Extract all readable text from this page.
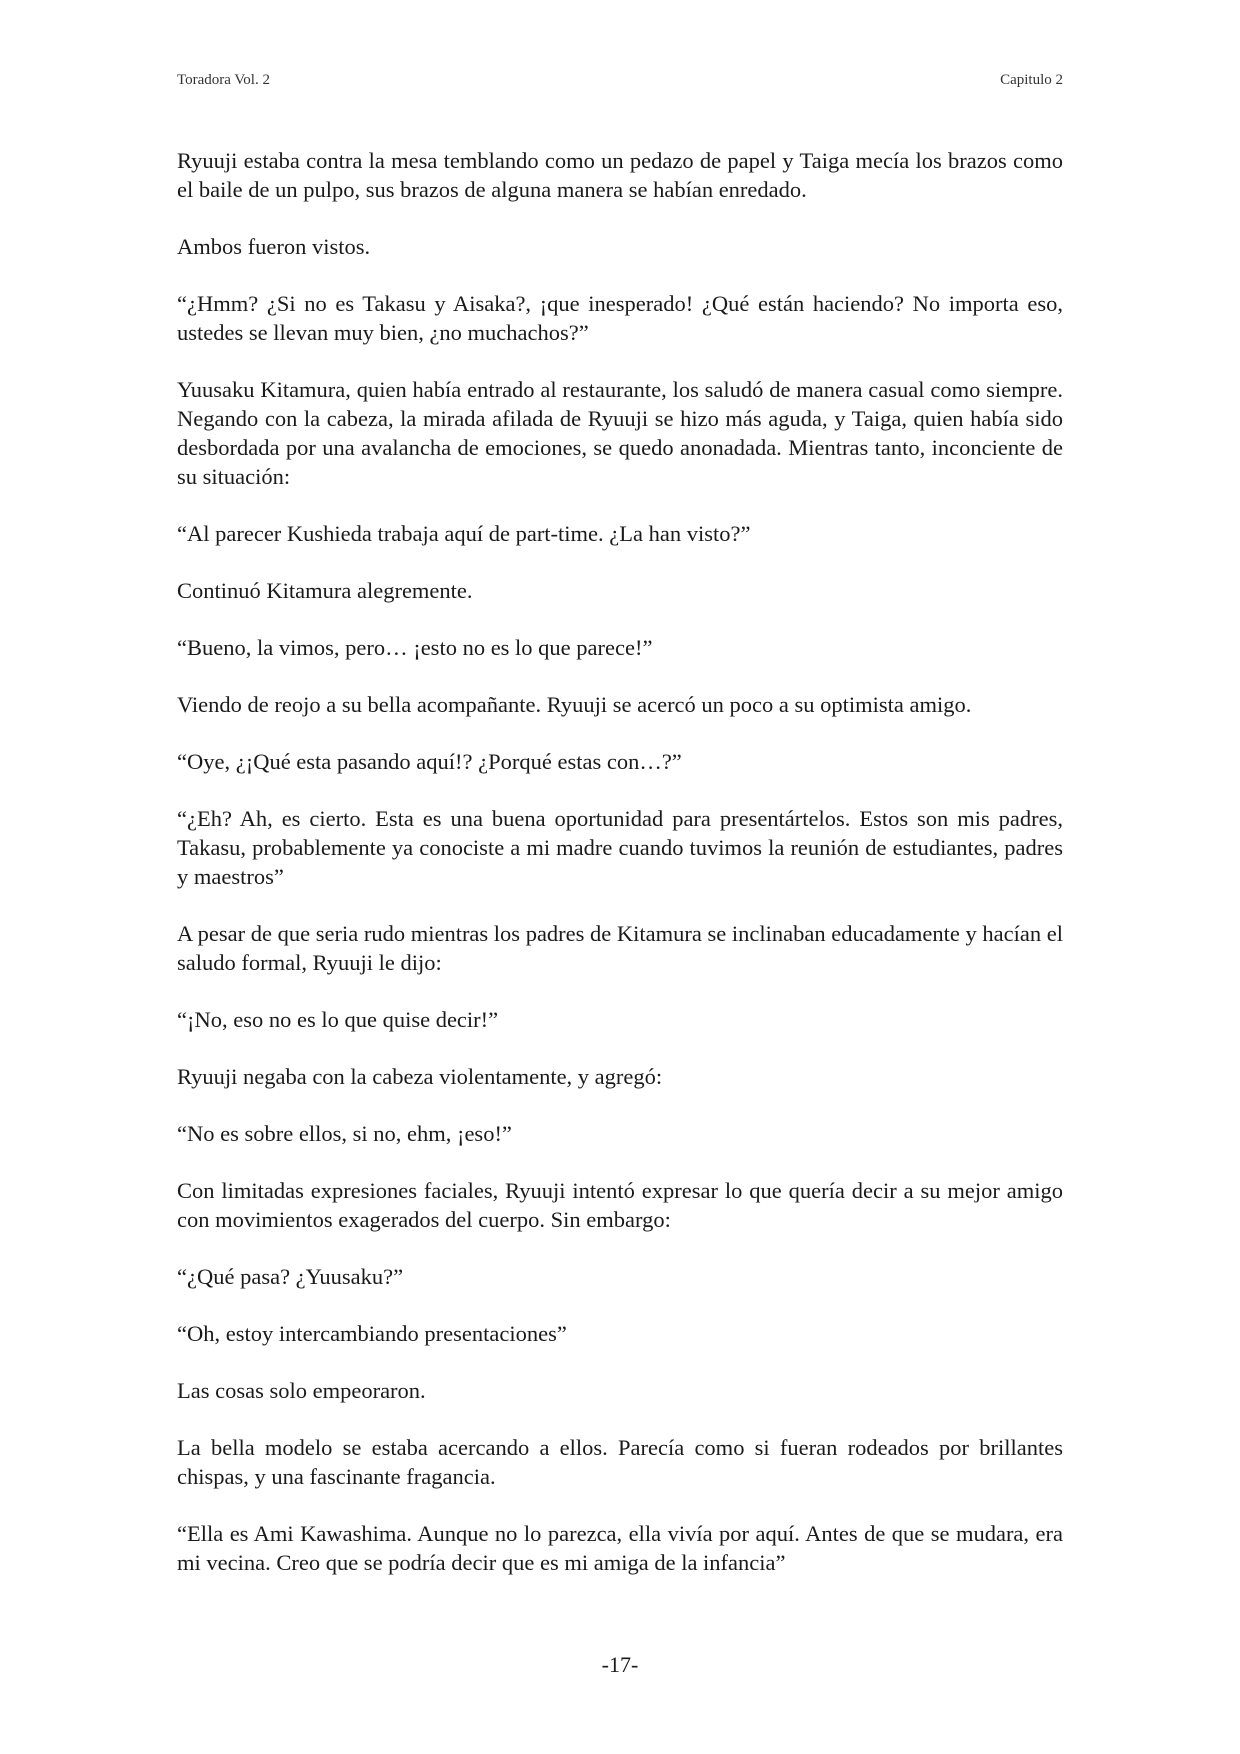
Toradora Vol. 2	Capitulo 2

Ryuuji estaba contra la mesa temblando como un pedazo de papel y Taiga mecía los brazos como el baile de un pulpo, sus brazos de alguna manera se habían enredado.

Ambos fueron vistos.

“¿Hmm? ¿Si no es Takasu y Aisaka?, ¡que inesperado! ¿Qué están haciendo? No importa eso, ustedes se llevan muy bien, ¿no muchachos?”

Yuusaku Kitamura, quien había entrado al restaurante, los saludó de manera casual como siempre. Negando con la cabeza, la mirada afilada de Ryuuji se hizo más aguda, y Taiga, quien había sido desbordada por una avalancha de emociones, se quedo anonadada. Mientras tanto, inconciente de su situación:

“Al parecer Kushieda trabaja aquí de part-time. ¿La han visto?”

Continuó Kitamura alegremente.

“Bueno, la vimos, pero… ¡esto no es lo que parece!”

Viendo de reojo a su bella acompañante. Ryuuji se acercó un poco a su optimista amigo.

“Oye, ¿¡Qué esta pasando aquí!? ¿Porqué estas con…?”

“¿Eh? Ah, es cierto. Esta es una buena oportunidad para presentártelos. Estos son mis padres, Takasu, probablemente ya conociste a mi madre cuando tuvimos la reunión de estudiantes, padres y maestros”

A pesar de que seria rudo mientras los padres de Kitamura se inclinaban educadamente y hacían el saludo formal, Ryuuji le dijo:

“¡No, eso no es lo que quise decir!”

Ryuuji negaba con la cabeza violentamente, y agregó:

“No es sobre ellos, si no, ehm, ¡eso!”

Con limitadas expresiones faciales, Ryuuji intentó expresar lo que quería decir a su mejor amigo con movimientos exagerados del cuerpo. Sin embargo:

“¿Qué pasa? ¿Yuusaku?”

“Oh, estoy intercambiando presentaciones”

Las cosas solo empeoraron.

La bella modelo se estaba acercando a ellos. Parecía como si fueran rodeados por brillantes chispas, y una fascinante fragancia.

“Ella es Ami Kawashima. Aunque no lo parezca, ella vivía por aquí. Antes de que se mudara, era mi vecina. Creo que se podría decir que es mi amiga de la infancia”

-17-
